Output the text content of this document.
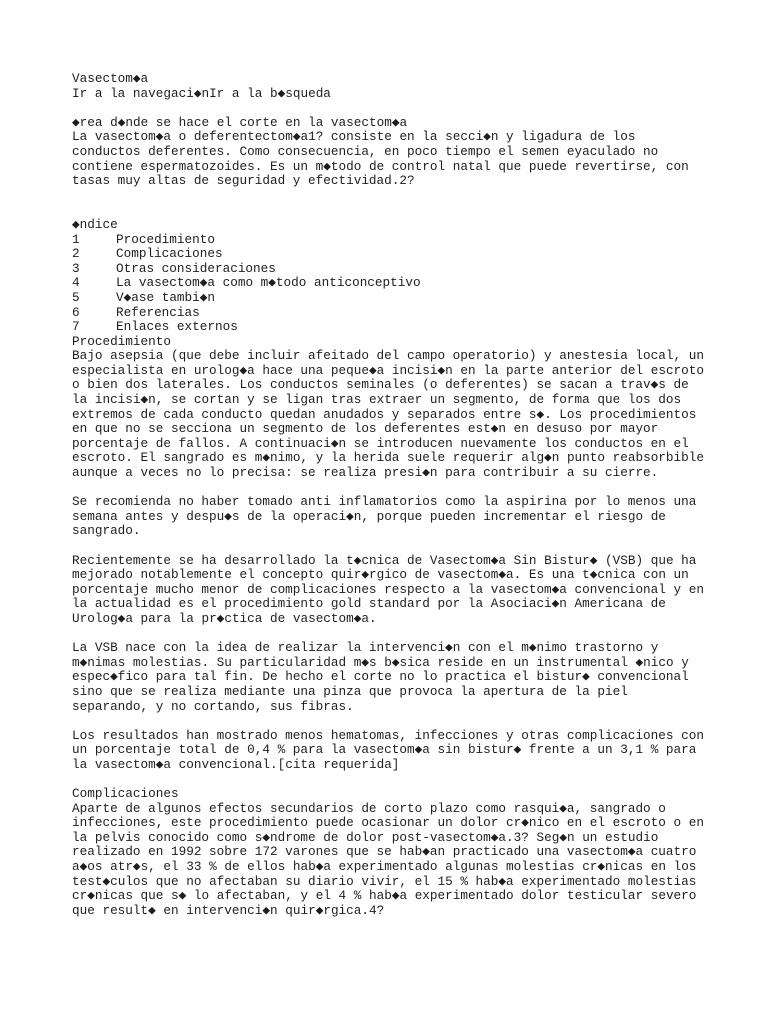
Vasectom◆a
Ir a la navegaci◆nIr a la b◆squeda
◆rea d◆nde se hace el corte en la vasectom◆a
La vasectom◆a o deferentectom◆a1? consiste en la secci◆n y ligadura de los
conductos deferentes. Como consecuencia, en poco tiempo el semen eyaculado no
contiene espermatozoides. Es un m◆todo de control natal que puede revertirse, con
tasas muy altas de seguridad y efectividad.2?
◆ndice
1	Procedimiento
2	Complicaciones
3	Otras consideraciones
4	La vasectom◆a como m◆todo anticonceptivo
5	V◆ase tambi◆n
6	Referencias
7	Enlaces externos
Procedimiento
Bajo asepsia (que debe incluir afeitado del campo operatorio) y anestesia local, un
especialista en urolog◆a hace una peque◆a incisi◆n en la parte anterior del escroto
o bien dos laterales. Los conductos seminales (o deferentes) se sacan a trav◆s de
la incisi◆n, se cortan y se ligan tras extraer un segmento, de forma que los dos
extremos de cada conducto quedan anudados y separados entre s◆. Los procedimientos
en que no se secciona un segmento de los deferentes est◆n en desuso por mayor
porcentaje de fallos. A continuaci◆n se introducen nuevamente los conductos en el
escroto. El sangrado es m◆nimo, y la herida suele requerir alg◆n punto reabsorbible
aunque a veces no lo precisa: se realiza presi◆n para contribuir a su cierre.
Se recomienda no haber tomado anti inflamatorios como la aspirina por lo menos una
semana antes y despu◆s de la operaci◆n, porque pueden incrementar el riesgo de
sangrado.
Recientemente se ha desarrollado la t◆cnica de Vasectom◆a Sin Bistur◆ (VSB) que ha
mejorado notablemente el concepto quir◆rgico de vasectom◆a. Es una t◆cnica con un
porcentaje mucho menor de complicaciones respecto a la vasectom◆a convencional y en
la actualidad es el procedimiento gold standard por la Asociaci◆n Americana de
Urolog◆a para la pr◆ctica de vasectom◆a.
La VSB nace con la idea de realizar la intervenci◆n con el m◆nimo trastorno y
m◆nimas molestias. Su particularidad m◆s b◆sica reside en un instrumental ◆nico y
espec◆fico para tal fin. De hecho el corte no lo practica el bistur◆ convencional
sino que se realiza mediante una pinza que provoca la apertura de la piel
separando, y no cortando, sus fibras.
Los resultados han mostrado menos hematomas, infecciones y otras complicaciones con
un porcentaje total de 0,4 % para la vasectom◆a sin bistur◆ frente a un 3,1 % para
la vasectom◆a convencional.[cita requerida]
Complicaciones
Aparte de algunos efectos secundarios de corto plazo como rasqui◆a, sangrado o
infecciones, este procedimiento puede ocasionar un dolor cr◆nico en el escroto o en
la pelvis conocido como s◆ndrome de dolor post-vasectom◆a.3? Seg◆n un estudio
realizado en 1992 sobre 172 varones que se hab◆an practicado una vasectom◆a cuatro
a◆os atr◆s, el 33 % de ellos hab◆a experimentado algunas molestias cr◆nicas en los
test◆culos que no afectaban su diario vivir, el 15 % hab◆a experimentado molestias
cr◆nicas que s◆ lo afectaban, y el 4 % hab◆a experimentado dolor testicular severo
que result◆ en intervenci◆n quir◆rgica.4?
